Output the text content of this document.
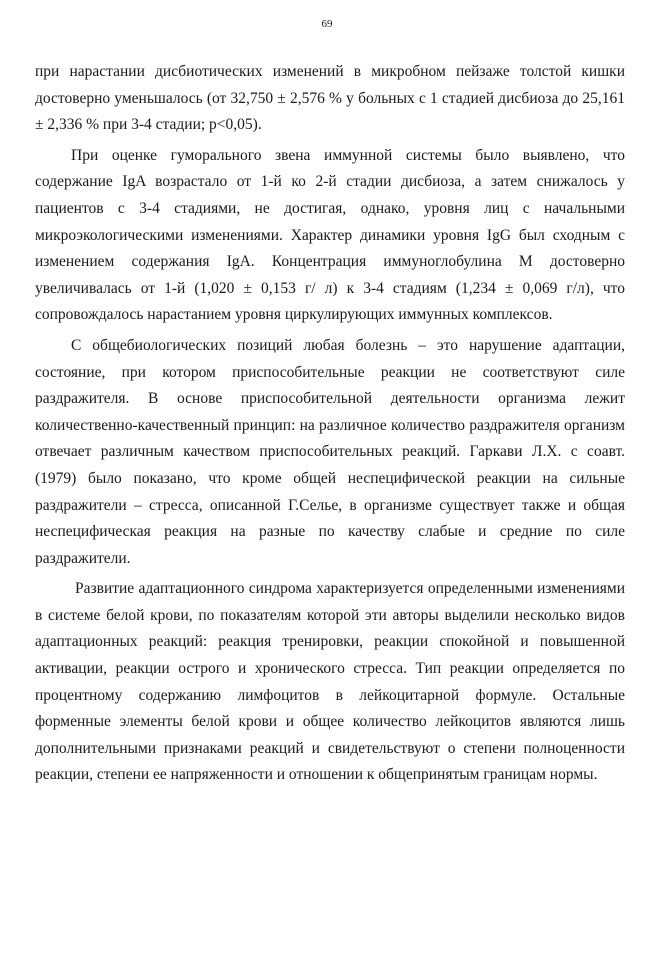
69

при нарастании дисбиотических изменений в микробном пейзаже толстой кишки достоверно уменьшалось (от 32,750 ± 2,576 % у больных с 1 стадией дисбиоза до 25,161 ± 2,336 % при 3-4 стадии; р<0,05).

При оценке гуморального звена иммунной системы было выявлено, что содержание IgA возрастало от 1-й ко 2-й стадии дисбиоза, а затем снижалось у пациентов с 3-4 стадиями, не достигая, однако, уровня лиц с начальными микроэкологическими изменениями. Характер динамики уровня IgG был сходным с изменением содержания IgA. Концентрация иммуноглобулина М достоверно увеличивалась от 1-й (1,020 ± 0,153 г/ л) к 3-4 стадиям (1,234 ± 0,069 г/л), что сопровождалось нарастанием уровня циркулирующих иммунных комплексов.

С общебиологических позиций любая болезнь – это нарушение адаптации, состояние, при котором приспособительные реакции не соответствуют силе раздражителя. В основе приспособительной деятельности организма лежит количественно-качественный принцип: на различное количество раздражителя организм отвечает различным качеством приспособительных реакций. Гаркави Л.Х. с соавт. (1979) было показано, что кроме общей неспецифической реакции на сильные раздражители – стресса, описанной Г.Селье, в организме существует также и общая неспецифическая реакция на разные по качеству слабые и средние по силе раздражители.

Развитие адаптационного синдрома характеризуется определенными изменениями в системе белой крови, по показателям которой эти авторы выделили несколько видов адаптационных реакций: реакция тренировки, реакции спокойной и повышенной активации, реакции острого и хронического стресса. Тип реакции определяется по процентному содержанию лимфоцитов в лейкоцитарной формуле. Остальные форменные элементы белой крови и общее количество лейкоцитов являются лишь дополнительными признаками реакций и свидетельствуют о степени полноценности реакции, степени ее напряженности и отношении к общепринятым границам нормы.
